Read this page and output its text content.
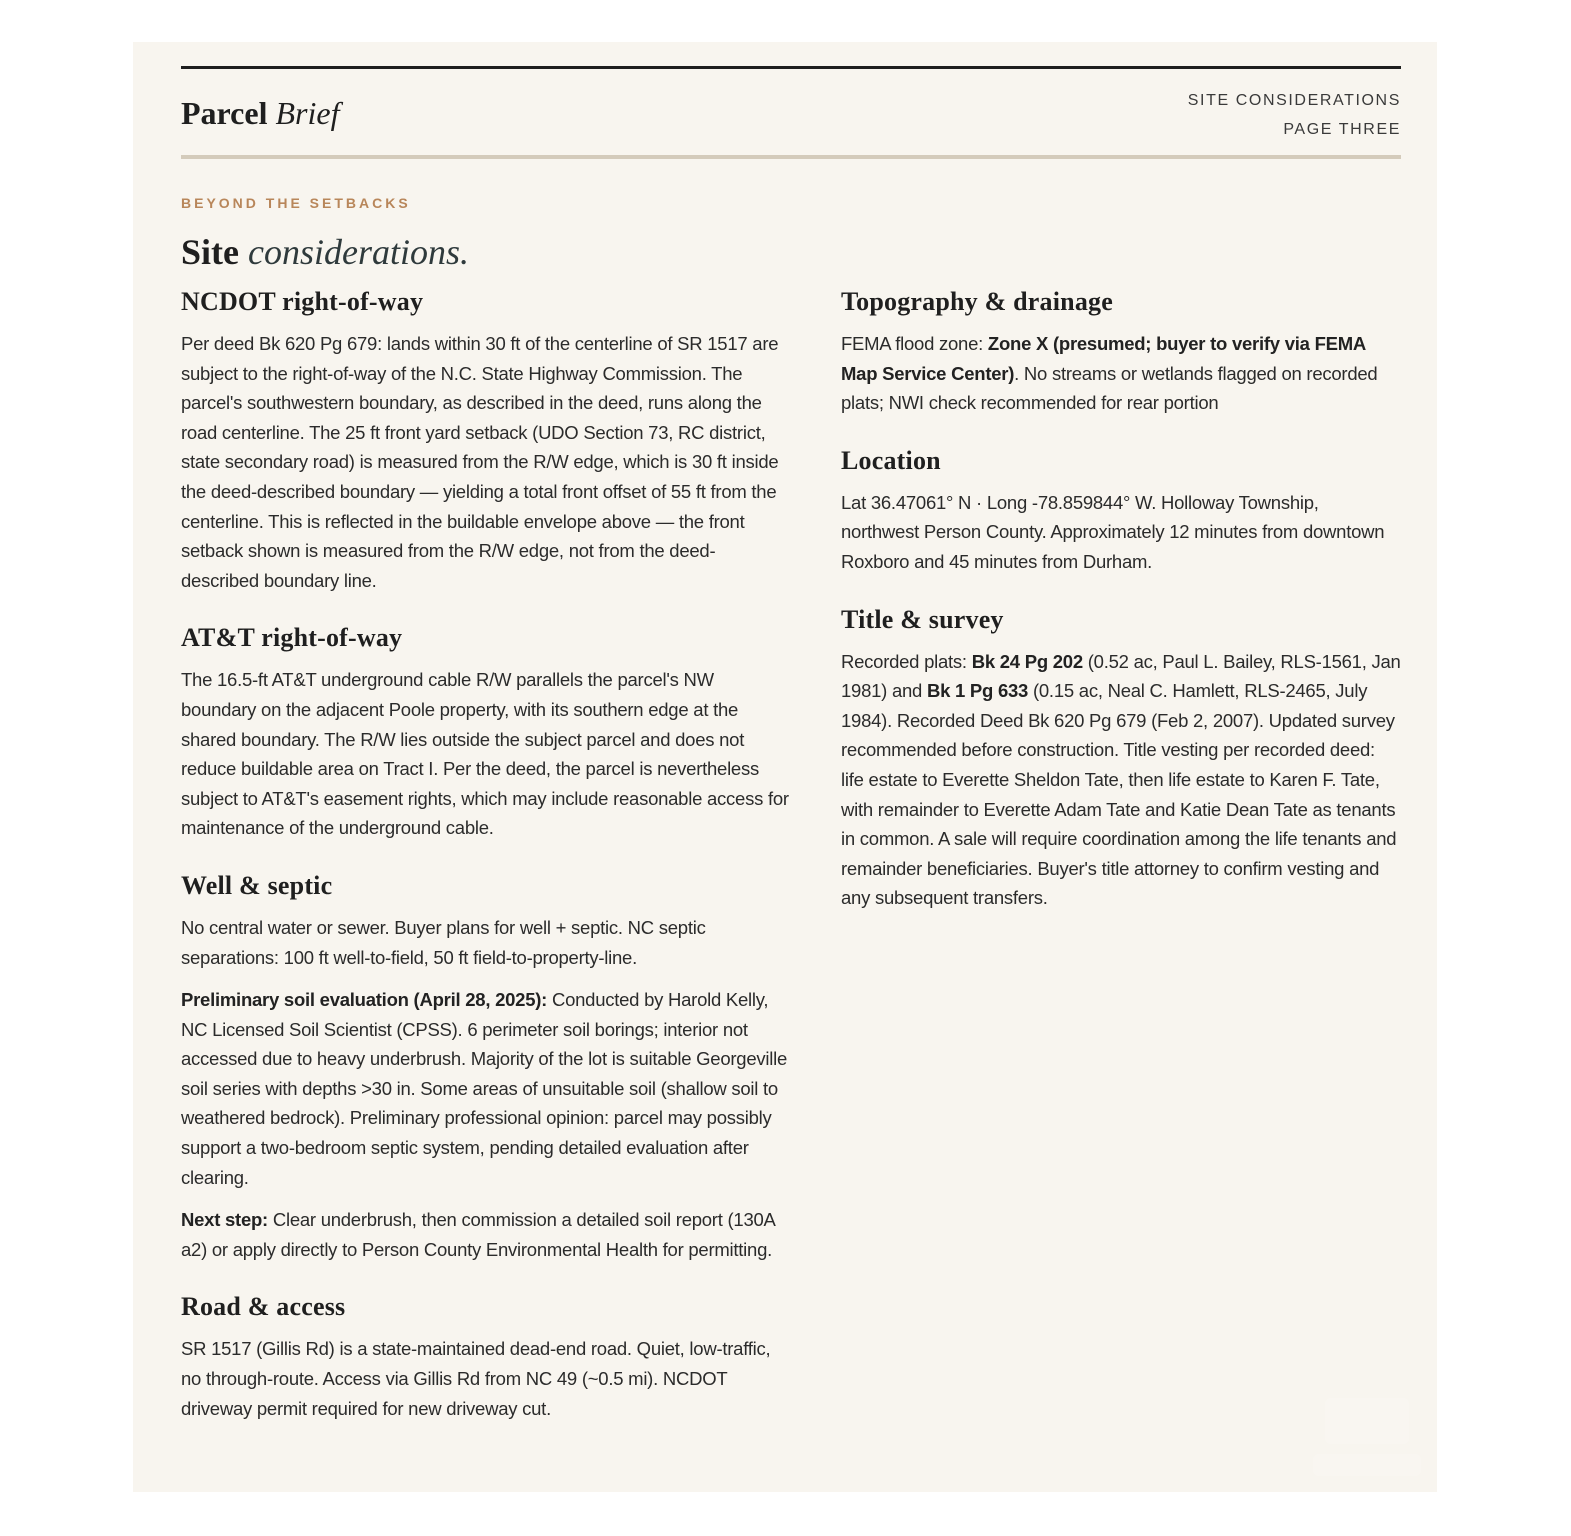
Parcel Brief	SITE CONSIDERATIONS
PAGE THREE
BEYOND THE SETBACKS
Site considerations.
NCDOT right-of-way

Per deed Bk 620 Pg 679: lands within 30 ft of the centerline of SR 1517 are subject to the right-of-way of the N.C. State Highway Commission. The parcel's southwestern boundary, as described in the deed, runs along the road centerline. The 25 ft front yard setback (UDO Section 73, RC district, state secondary road) is measured from the R/W edge, which is 30 ft inside the deed-described boundary — yielding a total front offset of 55 ft from the centerline. This is reflected in the buildable envelope above — the front setback shown is measured from the R/W edge, not from the deed-described boundary line.

AT&T right-of-way

The 16.5-ft AT&T underground cable R/W parallels the parcel's NW boundary on the adjacent Poole property, with its southern edge at the shared boundary. The R/W lies outside the subject parcel and does not reduce buildable area on Tract I. Per the deed, the parcel is nevertheless subject to AT&T's easement rights, which may include reasonable access for maintenance of the underground cable.

Well & septic

No central water or sewer. Buyer plans for well + septic. NC septic separations: 100 ft well-to-field, 50 ft field-to-property-line.

Preliminary soil evaluation (April 28, 2025): Conducted by Harold Kelly, NC Licensed Soil Scientist (CPSS). 6 perimeter soil borings; interior not accessed due to heavy underbrush. Majority of the lot is suitable Georgeville soil series with depths >30 in. Some areas of unsuitable soil (shallow soil to weathered bedrock). Preliminary professional opinion: parcel may possibly support a two-bedroom septic system, pending detailed evaluation after clearing.

Next step: Clear underbrush, then commission a detailed soil report (130A a2) or apply directly to Person County Environmental Health for permitting.

Road & access

SR 1517 (Gillis Rd) is a state-maintained dead-end road. Quiet, low-traffic, no through-route. Access via Gillis Rd from NC 49 (~0.5 mi). NCDOT driveway permit required for new driveway cut.

Topography & drainage

FEMA flood zone: Zone X (presumed; buyer to verify via FEMA Map Service Center). No streams or wetlands flagged on recorded plats; NWI check recommended for rear portion

Location

Lat 36.47061° N · Long -78.859844° W. Holloway Township, northwest Person County. Approximately 12 minutes from downtown Roxboro and 45 minutes from Durham.

Title & survey

Recorded plats: Bk 24 Pg 202 (0.52 ac, Paul L. Bailey, RLS-1561, Jan 1981) and Bk 1 Pg 633 (0.15 ac, Neal C. Hamlett, RLS-2465, July 1984). Recorded Deed Bk 620 Pg 679 (Feb 2, 2007). Updated survey recommended before construction. Title vesting per recorded deed: life estate to Everette Sheldon Tate, then life estate to Karen F. Tate, with remainder to Everette Adam Tate and Katie Dean Tate as tenants in common. A sale will require coordination among the life tenants and remainder beneficiaries. Buyer's title attorney to confirm vesting and any subsequent transfers.
